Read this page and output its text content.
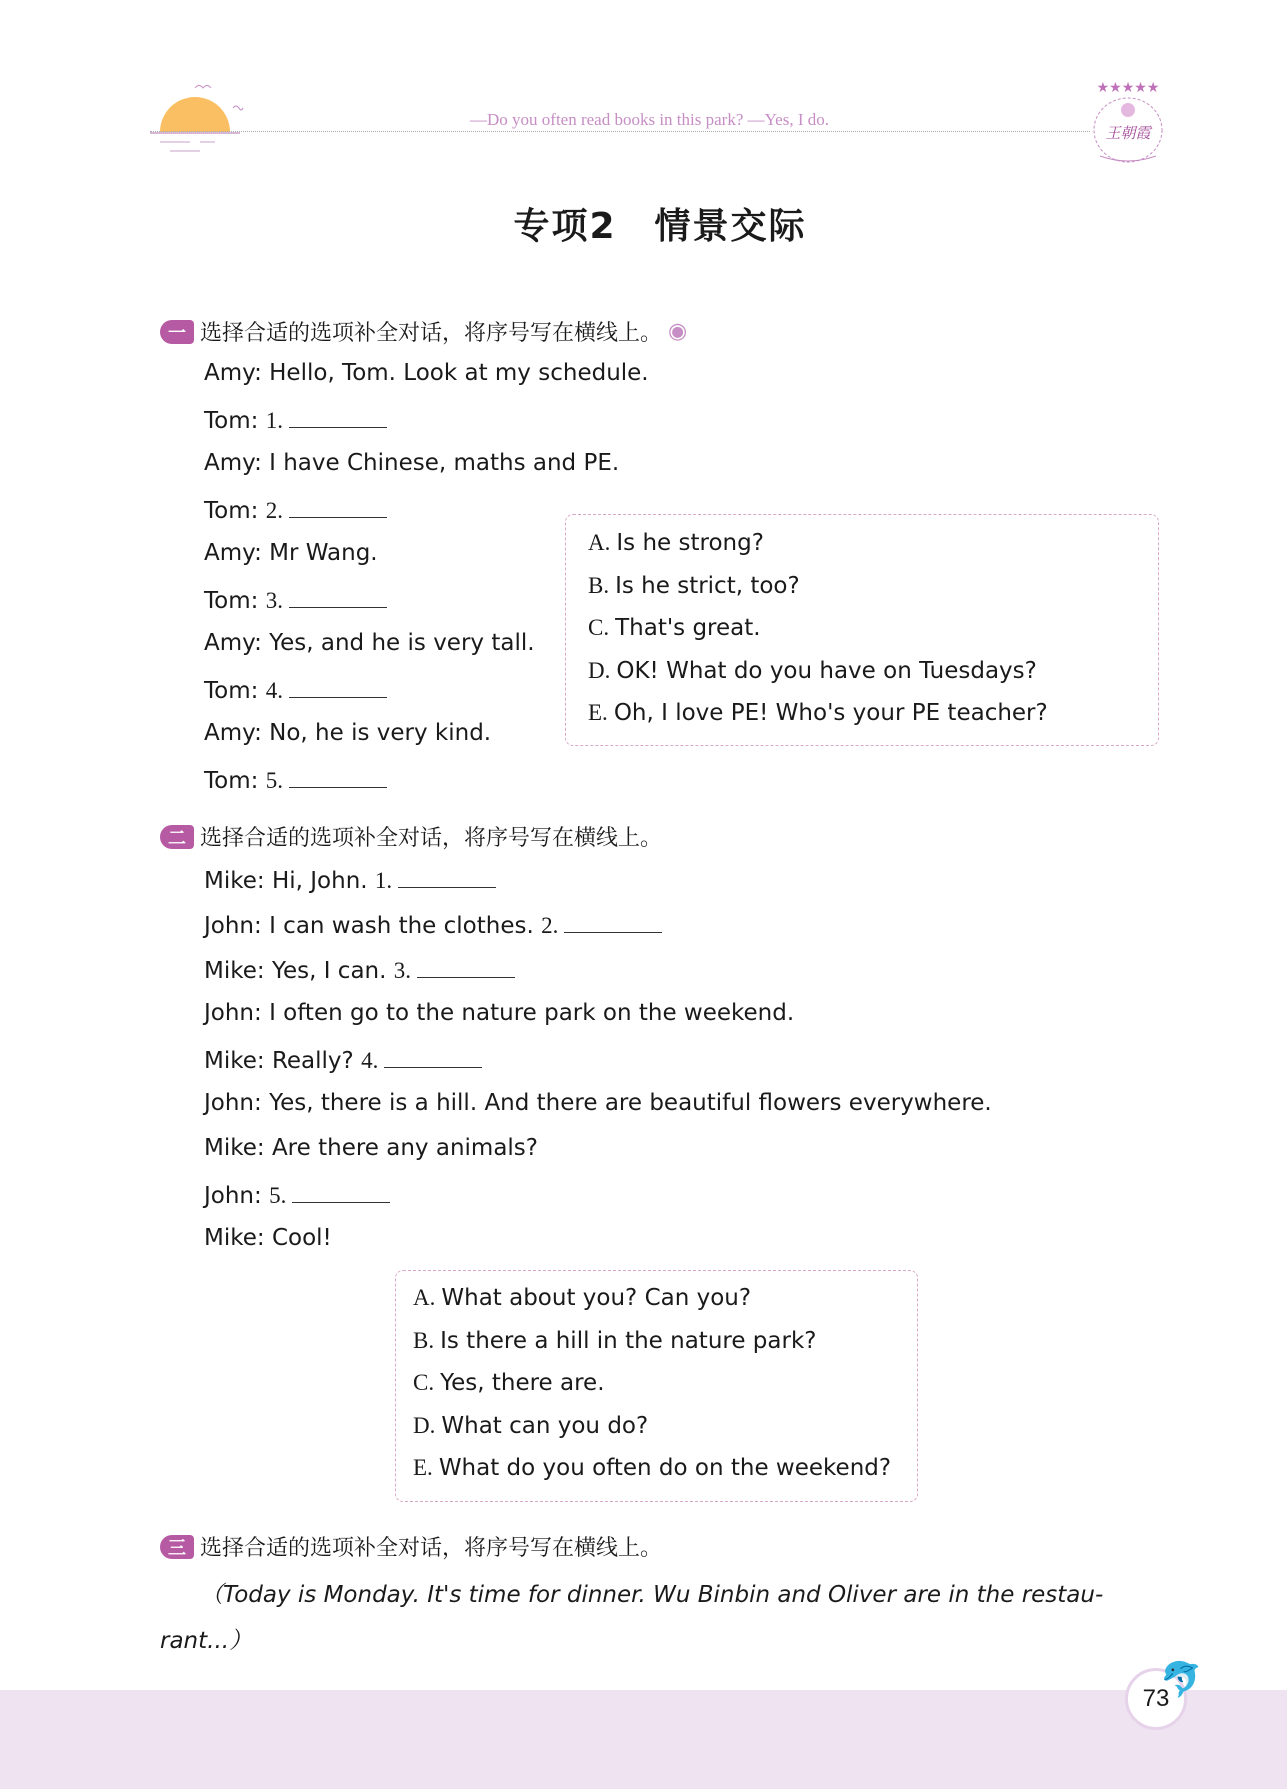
—Do you often read books in this park? —Yes, I do.
★★★★★
王朝霞
专项2　情景交际
一 选择合适的选项补全对话，将序号写在横线上。 ◉
二 选择合适的选项补全对话，将序号写在横线上。
三 选择合适的选项补全对话，将序号写在横线上。
（Today is Monday. It's time for dinner. Wu Binbin and Oliver are in the restau-
rant...）
73
🐬
Amy: Hello, Tom. Look at my schedule.
Tom: 1.
Amy: I have Chinese, maths and PE.
Tom: 2.
Amy: Mr Wang.
Tom: 3.
Amy: Yes, and he is very tall.
Tom: 4.
Amy: No, he is very kind.
Tom: 5.
A. Is he strong?
B. Is he strict, too?
C. That's great.
D. OK! What do you have on Tuesdays?
E. Oh, I love PE! Who's your PE teacher?
Mike: Hi, John. 1.
John: I can wash the clothes. 2.
Mike: Yes, I can. 3.
John: I often go to the nature park on the weekend.
Mike: Really? 4.
John: Yes, there is a hill. And there are beautiful flowers everywhere.
Mike: Are there any animals?
John: 5.
Mike: Cool!
A. What about you? Can you?
B. Is there a hill in the nature park?
C. Yes, there are.
D. What can you do?
E. What do you often do on the weekend?
